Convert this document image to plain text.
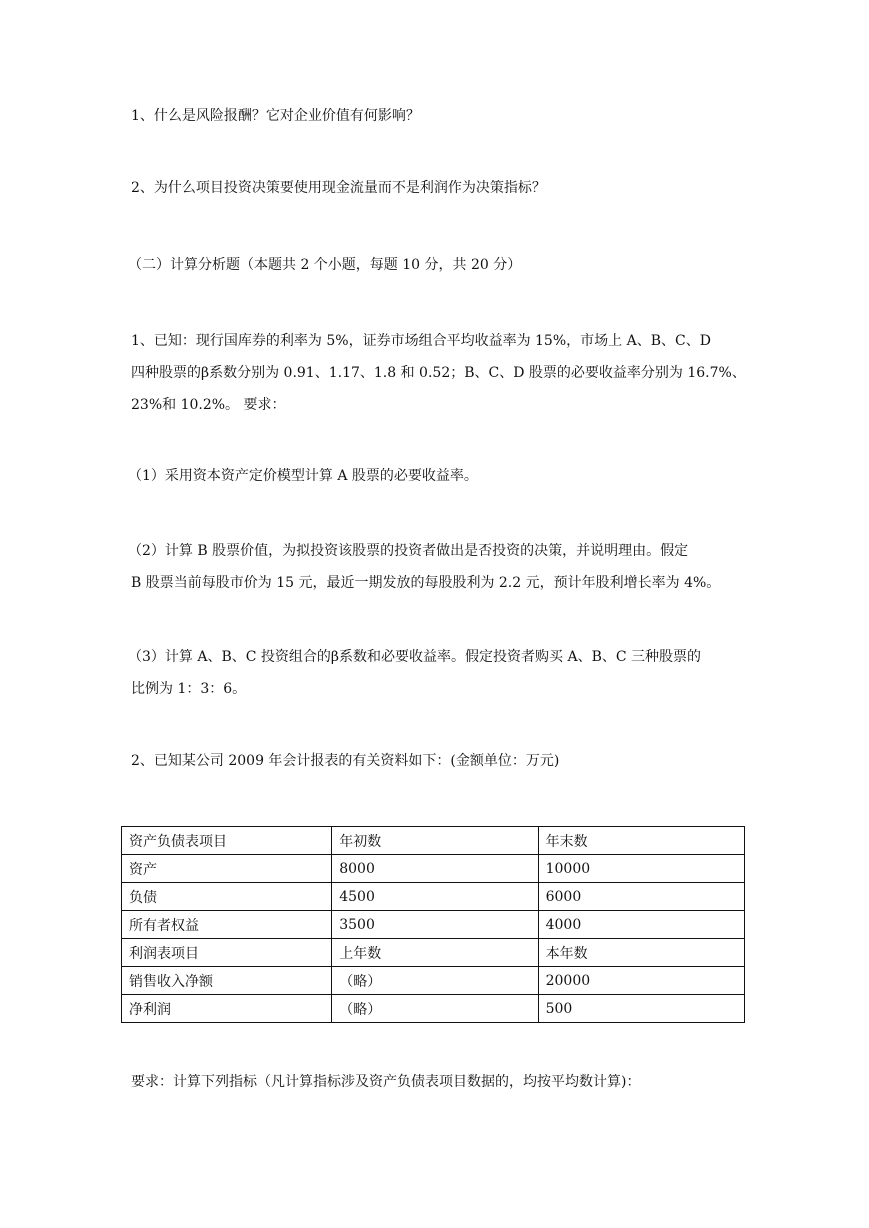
1、什么是风险报酬？它对企业价值有何影响？

2、为什么项目投资决策要使用现金流量而不是利润作为决策指标？

（二）计算分析题（本题共 2 个小题，每题 10 分，共 20 分）

1、已知：现行国库券的利率为 5%，证券市场组合平均收益率为 15%，市场上 A、B、C、D
四种股票的β系数分别为 0.91、1.17、1.8 和 0.52；B、C、D 股票的必要收益率分别为 16.7%、
23%和 10.2%。 要求：

（1）采用资本资产定价模型计算 A 股票的必要收益率。

（2）计算 B 股票价值，为拟投资该股票的投资者做出是否投资的决策，并说明理由。假定
B 股票当前每股市价为 15 元，最近一期发放的每股股利为 2.2 元，预计年股利增长率为 4%。

（3）计算 A、B、C 投资组合的β系数和必要收益率。假定投资者购买 A、B、C 三种股票的
比例为 1：3：6。

2、已知某公司 2009 年会计报表的有关资料如下：(金额单位：万元)

资产负债表项目	年初数	年末数
资产	8000	10000
负债	4500	6000
所有者权益	3500	4000
利润表项目	上年数	本年数
销售收入净额	（略）	20000
净利润	（略）	500

要求：计算下列指标（凡计算指标涉及资产负债表项目数据的，均按平均数计算)：
